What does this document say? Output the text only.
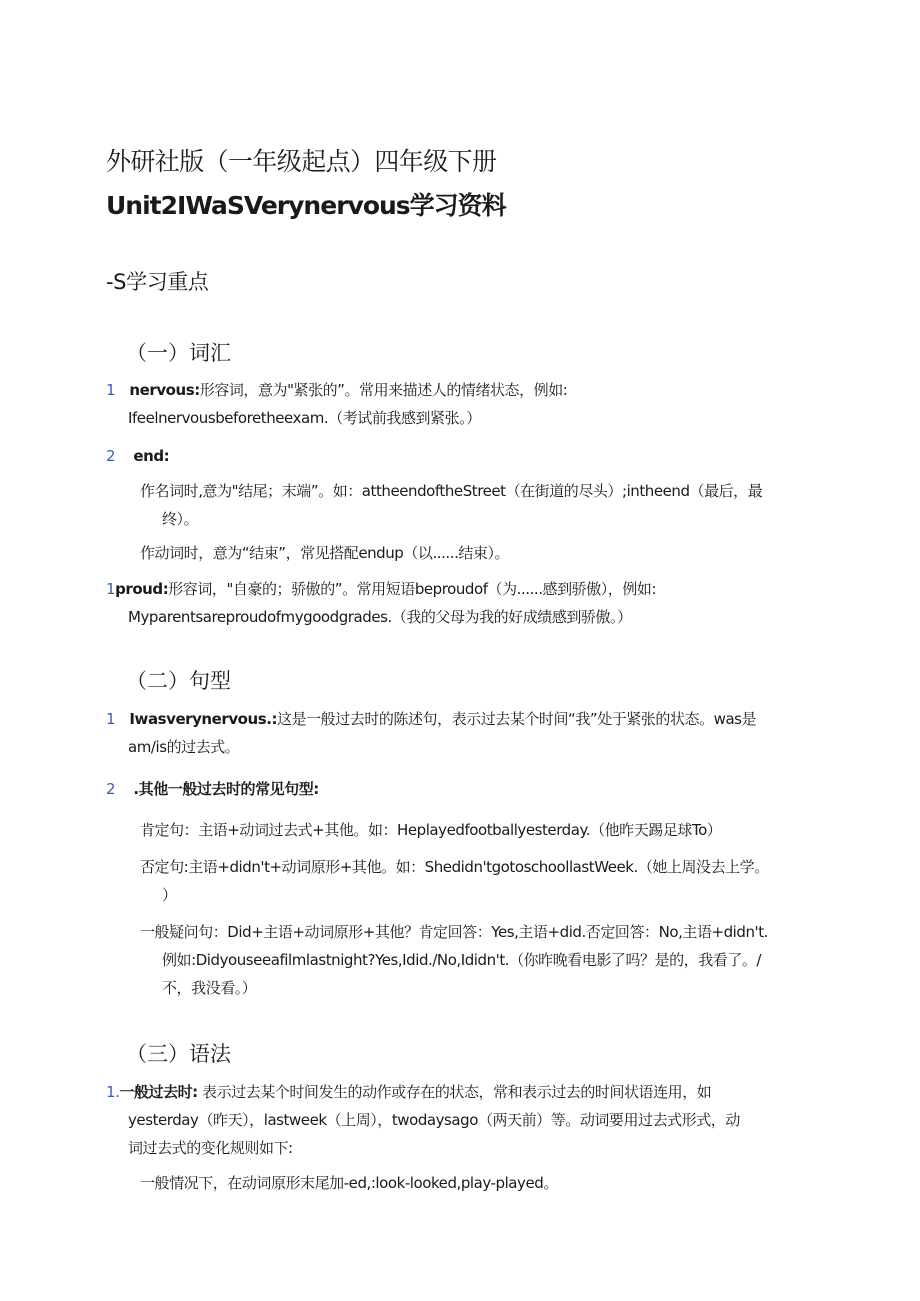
外研社版（一年级起点）四年级下册
Unit2IWaSVerynervous学习资料
-S学习重点
（一）词汇
1 nervous:形容词，意为"紧张的”。常用来描述人的情绪状态，例如:
Ifeelnervousbeforetheexam.（考试前我感到紧张。）
2 end:
作名词时,意为"结尾；末端”。如：attheendoftheStreet（在街道的尽头）;intheend（最后，最
终）。
作动词时，意为“结束”，常见搭配endup（以......结束）。
1proud:形容词，"自豪的；骄傲的”。常用短语beproudof（为......感到骄傲），例如:
Myparentsareproudofmygoodgrades.（我的父母为我的好成绩感到骄傲。）
（二）句型
1 Iwasverynervous.:这是一般过去时的陈述句，表示过去某个时间“我”处于紧张的状态。was是
am/is的过去式。
2 .其他一般过去时的常见句型:
肯定句：主语+动词过去式+其他。如：Heplayedfootballyesterday.（他昨天踢足球To）
否定句:主语+didn't+动词原形+其他。如：Shedidn'tgotoschoollastWeek.（她上周没去上学。
）
一般疑问句：Did+主语+动词原形+其他？肯定回答：Yes,主语+did.否定回答：No,主语+didn't.
例如:Didyouseeafilmlastnight?Yes,Idid./No,Ididn't.（你昨晚看电影了吗？是的，我看了。/
不，我没看。）
（三）语法
1.一般过去时: 表示过去某个时间发生的动作或存在的状态，常和表示过去的时间状语连用，如
yesterday（昨天），lastweek（上周），twodaysago（两天前）等。动词要用过去式形式，动
词过去式的变化规则如下:
一般情况下，在动词原形末尾加-ed,:look-looked,play-played。
